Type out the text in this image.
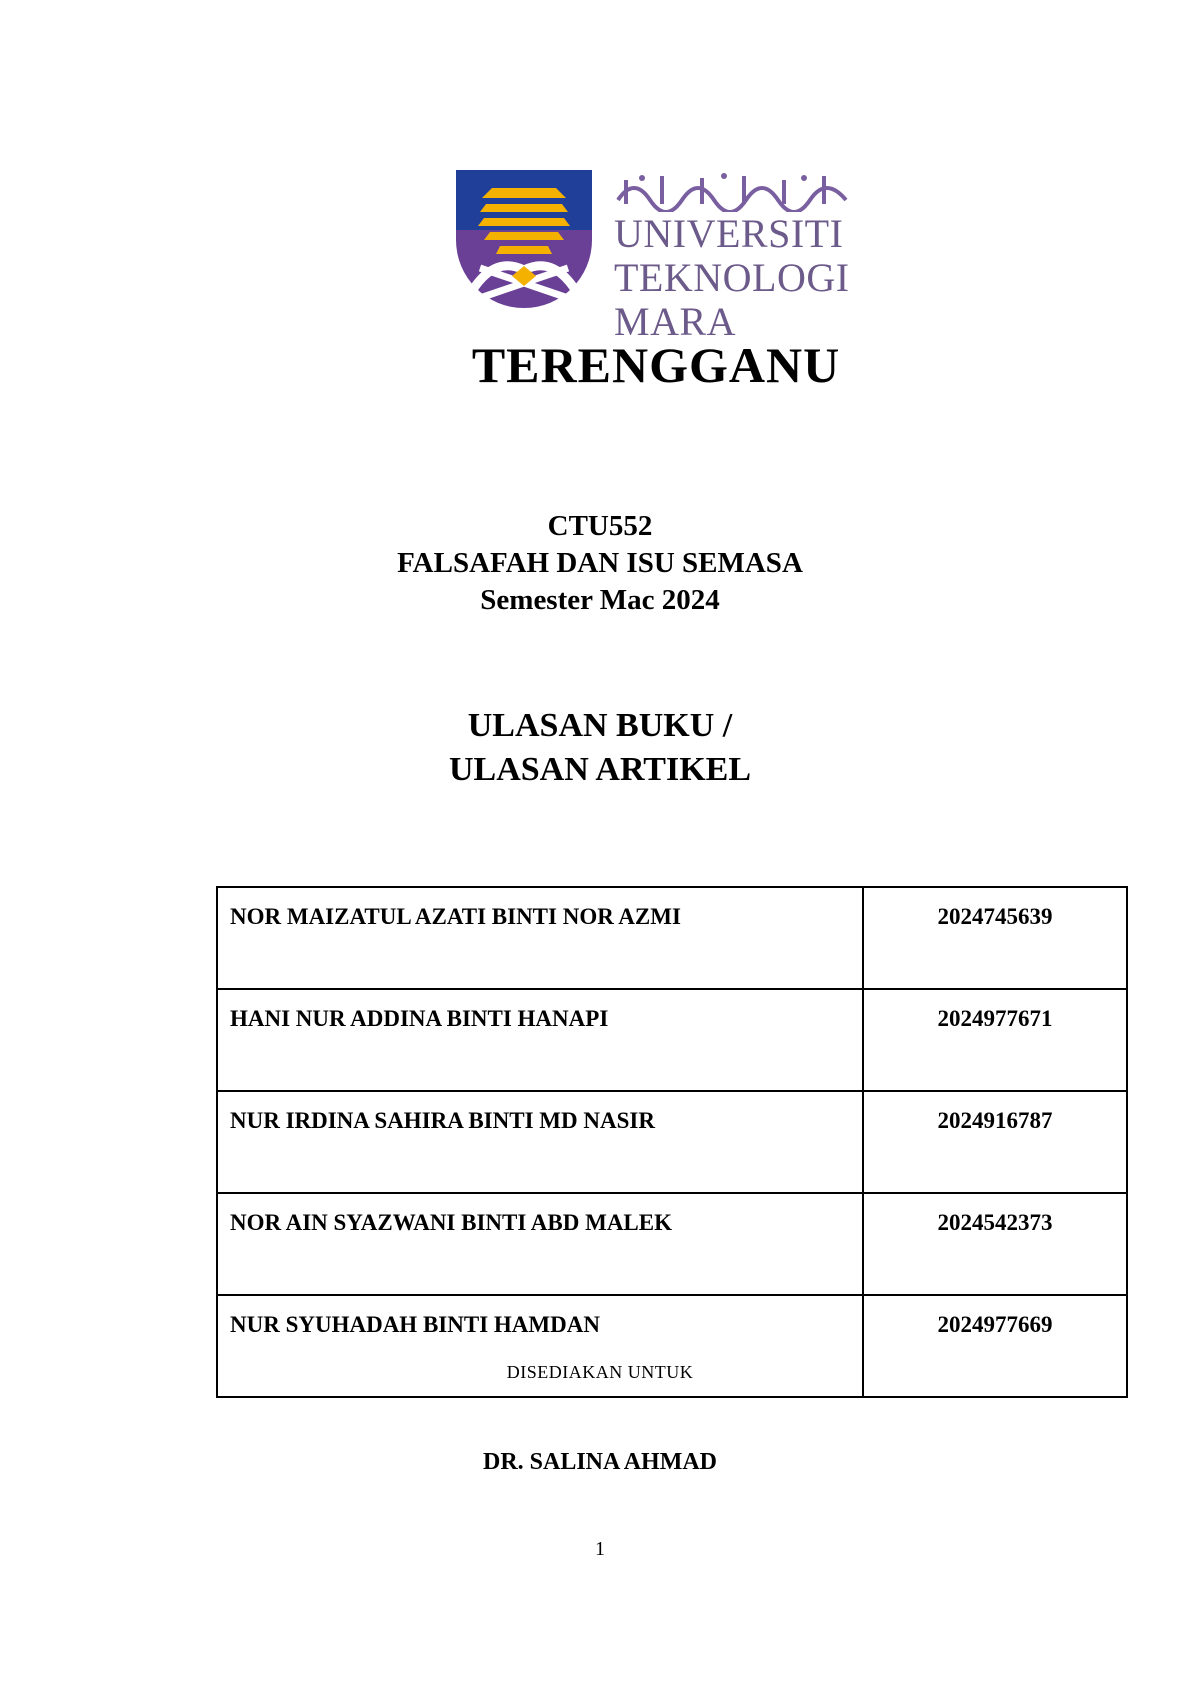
UNIVERSITI
TEKNOLOGI
MARA
TERENGGANU
CTU552
FALSAFAH DAN ISU SEMASA
Semester Mac 2024
ULASAN BUKU /
ULASAN ARTIKEL
NOR MAIZATUL AZATI BINTI NOR AZMI	2024745639
HANI NUR ADDINA BINTI HANAPI	2024977671
NUR IRDINA SAHIRA BINTI MD NASIR	2024916787
NOR AIN SYAZWANI BINTI ABD MALEK	2024542373
NUR SYUHADAH BINTI HAMDAN	2024977669
DISEDIAKAN UNTUK
DR. SALINA AHMAD
1
